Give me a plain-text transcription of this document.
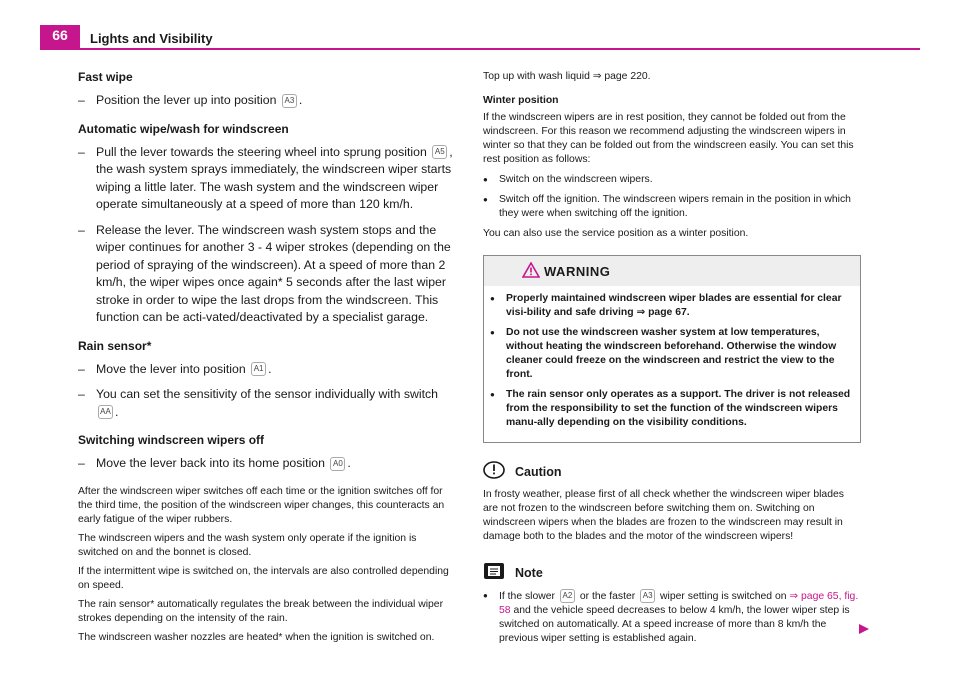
66	Lights and Visibility

Fast wipe

– Position the lever up into position A3 .

Automatic wipe/wash for windscreen

– Pull the lever towards the steering wheel into sprung position A5 , the wash system sprays immediately, the windscreen wiper starts wiping a little later. The wash system and the windscreen wiper operate simultaneously at a speed of more than 120 km/h.

– Release the lever. The windscreen wash system stops and the wiper continues for another 3 - 4 wiper strokes (depending on the period of spraying of the windscreen). At a speed of more than 2 km/h, the wiper wipes once again* 5 seconds after the last wiper stroke in order to wipe the last drops from the windscreen. This function can be acti-vated/deactivated by a specialist garage.

Rain sensor*

– Move the lever into position A1 .

– You can set the sensitivity of the sensor individually with switch AA .

Switching windscreen wipers off

– Move the lever back into its home position A0 .

After the windscreen wiper switches off each time or the ignition switches off for the third time, the position of the windscreen wiper changes, this counteracts an early fatigue of the wiper rubbers.

The windscreen wipers and the wash system only operate if the ignition is switched on and the bonnet is closed.

If the intermittent wipe is switched on, the intervals are also controlled depending on speed.

The rain sensor* automatically regulates the break between the individual wiper strokes depending on the intensity of the rain.

The windscreen washer nozzles are heated* when the ignition is switched on.

Top up with wash liquid ⇒ page 220.

Winter position

If the windscreen wipers are in rest position, they cannot be folded out from the windscreen. For this reason we recommend adjusting the windscreen wipers in winter so that they can be folded out from the windscreen easily. You can set this rest position as follows:

● Switch on the windscreen wipers.

● Switch off the ignition. The windscreen wipers remain in the position in which they were when switching off the ignition.

You can also use the service position as a winter position.

WARNING

● Properly maintained windscreen wiper blades are essential for clear visi-bility and safe driving ⇒ page 67.

● Do not use the windscreen washer system at low temperatures, without heating the windscreen beforehand. Otherwise the window cleaner could freeze on the windscreen and restrict the view to the front.

● The rain sensor only operates as a support. The driver is not released from the responsibility to set the function of the windscreen wipers manu-ally depending on the visibility conditions.

Caution

In frosty weather, please first of all check whether the windscreen wiper blades are not frozen to the windscreen before switching them on. Switching on windscreen wipers when the blades are frozen to the windscreen may result in damage both to the blades and the motor of the windscreen wipers!

Note

● If the slower A2 or the faster A3 wiper setting is switched on ⇒ page 65, fig. 58 and the vehicle speed decreases to below 4 km/h, the lower wiper step is switched on automatically. At a speed increase of more than 8 km/h the previous wiper setting is established again.
